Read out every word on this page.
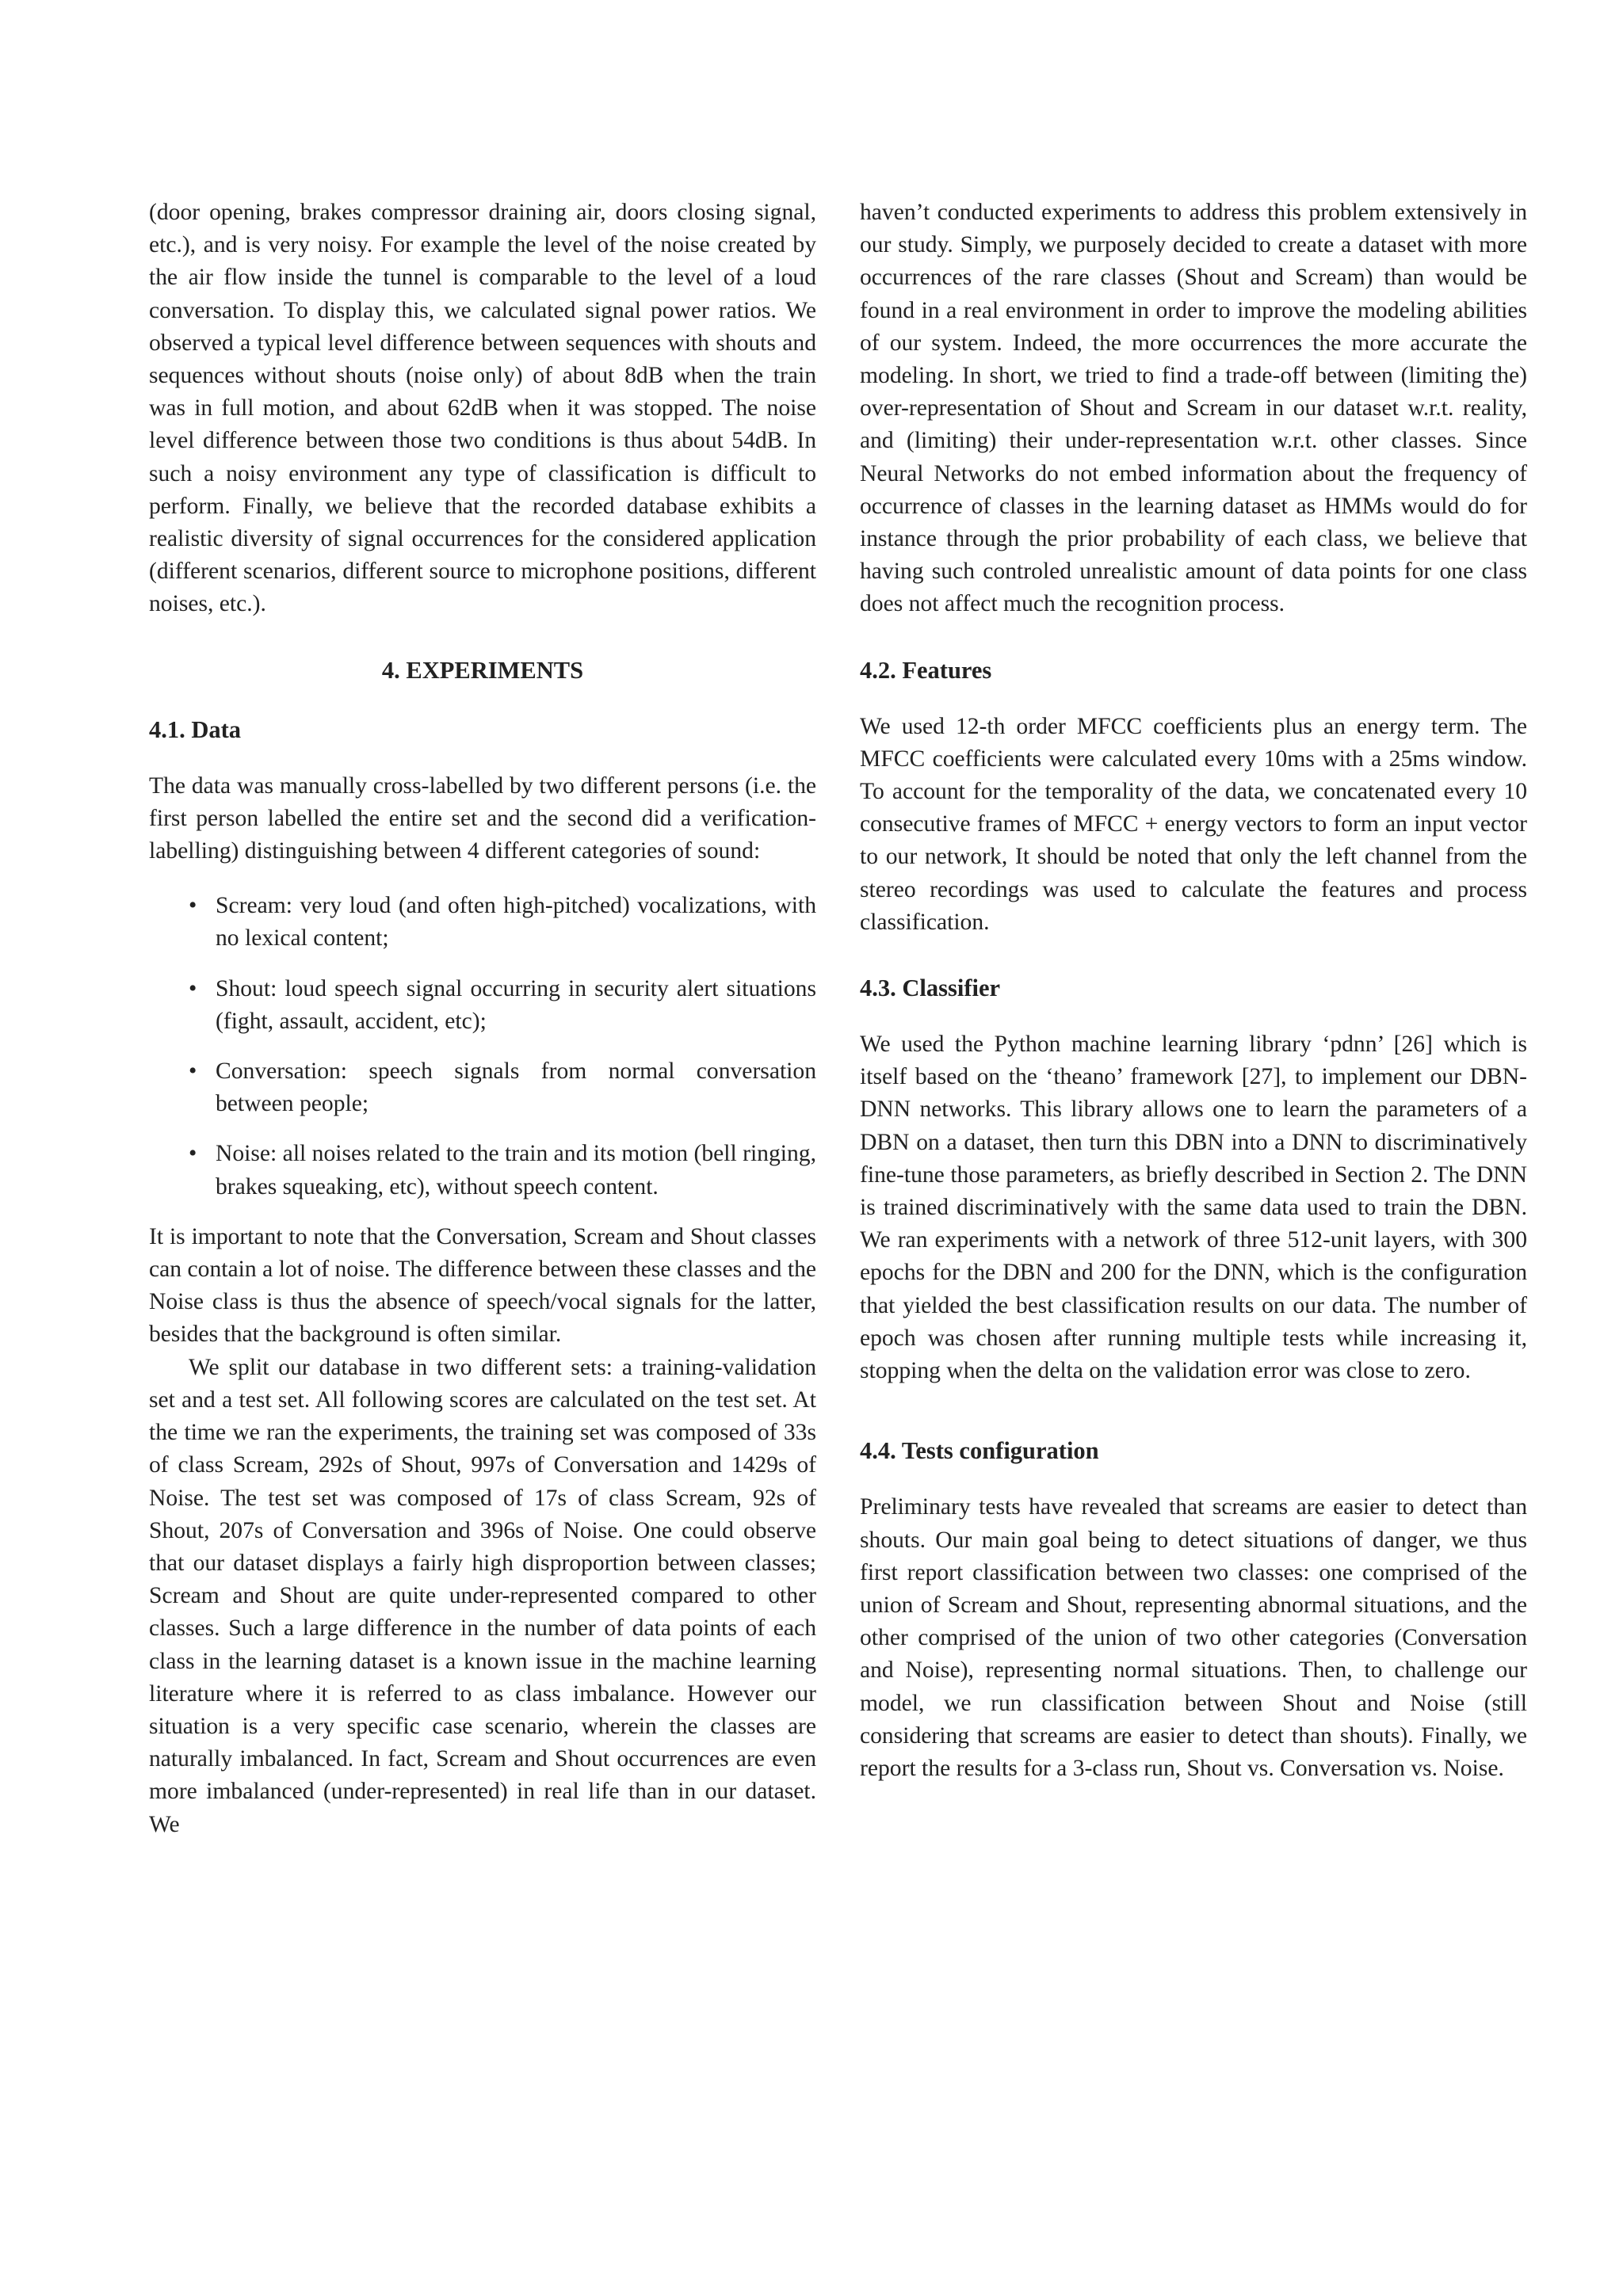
(door opening, brakes compressor draining air, doors closing signal, etc.), and is very noisy. For example the level of the noise created by the air flow inside the tunnel is comparable to the level of a loud conversation. To display this, we calculated signal power ratios. We observed a typical level difference between sequences with shouts and sequences without shouts (noise only) of about 8dB when the train was in full motion, and about 62dB when it was stopped. The noise level difference between those two conditions is thus about 54dB. In such a noisy environment any type of classification is difficult to perform. Finally, we believe that the recorded database exhibits a realistic diversity of signal occurrences for the considered application (different scenarios, different source to microphone positions, different noises, etc.).

4. EXPERIMENTS
4.1. Data

The data was manually cross-labelled by two different persons (i.e. the first person labelled the entire set and the second did a verification-labelling) distinguishing between 4 different categories of sound:

• Scream: very loud (and often high-pitched) vocalizations, with no lexical content;
• Shout: loud speech signal occurring in security alert situations (fight, assault, accident, etc);
• Conversation: speech signals from normal conversation between people;
• Noise: all noises related to the train and its motion (bell ringing, brakes squeaking, etc), without speech content.

It is important to note that the Conversation, Scream and Shout classes can contain a lot of noise. The difference between these classes and the Noise class is thus the absence of speech/vocal signals for the latter, besides that the background is often similar.

We split our database in two different sets: a training-validation set and a test set. All following scores are calculated on the test set. At the time we ran the experiments, the training set was composed of 33s of class Scream, 292s of Shout, 997s of Conversation and 1429s of Noise. The test set was composed of 17s of class Scream, 92s of Shout, 207s of Conversation and 396s of Noise. One could observe that our dataset displays a fairly high disproportion between classes; Scream and Shout are quite under-represented compared to other classes. Such a large difference in the number of data points of each class in the learning dataset is a known issue in the machine learning literature where it is referred to as class imbalance. However our situation is a very specific case scenario, wherein the classes are naturally imbalanced. In fact, Scream and Shout occurrences are even more imbalanced (under-represented) in real life than in our dataset. We

haven’t conducted experiments to address this problem extensively in our study. Simply, we purposely decided to create a dataset with more occurrences of the rare classes (Shout and Scream) than would be found in a real environment in order to improve the modeling abilities of our system. Indeed, the more occurrences the more accurate the modeling. In short, we tried to find a trade-off between (limiting the) over-representation of Shout and Scream in our dataset w.r.t. reality, and (limiting) their under-representation w.r.t. other classes. Since Neural Networks do not embed information about the frequency of occurrence of classes in the learning dataset as HMMs would do for instance through the prior probability of each class, we believe that having such controled unrealistic amount of data points for one class does not affect much the recognition process.

4.2. Features

We used 12-th order MFCC coefficients plus an energy term. The MFCC coefficients were calculated every 10ms with a 25ms window. To account for the temporality of the data, we concatenated every 10 consecutive frames of MFCC + energy vectors to form an input vector to our network, It should be noted that only the left channel from the stereo recordings was used to calculate the features and process classification.

4.3. Classifier

We used the Python machine learning library ‘pdnn’ [26] which is itself based on the ‘theano’ framework [27], to implement our DBN-DNN networks. This library allows one to learn the parameters of a DBN on a dataset, then turn this DBN into a DNN to discriminatively fine-tune those parameters, as briefly described in Section 2. The DNN is trained discriminatively with the same data used to train the DBN. We ran experiments with a network of three 512-unit layers, with 300 epochs for the DBN and 200 for the DNN, which is the configuration that yielded the best classification results on our data. The number of epoch was chosen after running multiple tests while increasing it, stopping when the delta on the validation error was close to zero.

4.4. Tests configuration

Preliminary tests have revealed that screams are easier to detect than shouts. Our main goal being to detect situations of danger, we thus first report classification between two classes: one comprised of the union of Scream and Shout, representing abnormal situations, and the other comprised of the union of two other categories (Conversation and Noise), representing normal situations. Then, to challenge our model, we run classification between Shout and Noise (still considering that screams are easier to detect than shouts). Finally, we report the results for a 3-class run, Shout vs. Conversation vs. Noise.
